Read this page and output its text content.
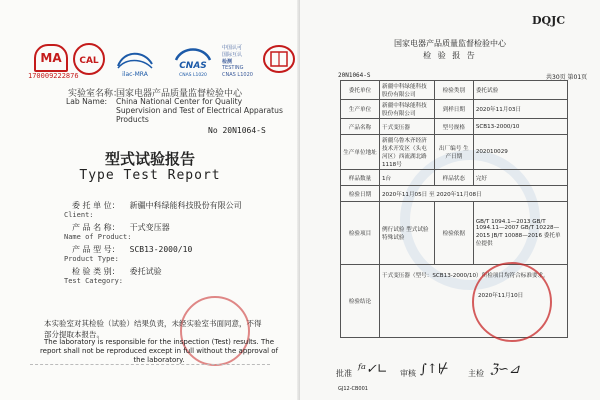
MA
170009222876
CAL
ilac-MRA
CNAS
CNAS L1020
中国认可
国际互认
检测
TESTING
CNAS L1020
实验室名称：
国家电器产品质量监督检验中心
Lab Name: China National Center for Quality Supervision and Test of Electrical Apparatus Products
No 20N1064-S
型式试验报告
Type Test Report
委 托 单 位： 新疆中科绿能科技股份有限公司
Client:
产 品 名 称： 干式变压器
Name of Product:
产 品 型 号： SCB13-2000/10
Product Type:
检 验 类 别： 委托试验
Test Category:
本实验室对其检验（试验）结果负责，未经实验室书面同意，不得部分提取本报告。
The laboratory is responsible for the inspection (Test) results. The report shall not be reproduced except in full without the approval of the laboratory.
DQJC
国家电器产品质量监督检验中心
检 验 报 告
20N1064-S	共30页 第01页
委托单位	新疆中科绿能科技股份有限公司	检验类别	委托试验
生产单位	新疆中科绿能科技股份有限公司	到样日期	2020年11月03日
产品名称	干式变压器	型号规格	SCB13-2000/10
生产单位地址	新疆乌鲁木齐经济技术开发区（头屯河区）西流湖北路1118号	出厂编号 生产日期	202010029
样品数量	1台	样品状态	完好
检验日期	2020年11月05日 至 2020年11月08日		
检验项目	例行试验 型式试验 特殊试验	检验依据	GB/T 1094.1—2013 GB/T 1094.11—2007 GB/T 10228—2015 JB/T 10088—2016 委托单位提供
检验结论	干式变压器（型号：SCB13-2000/10）所检项目均符合标准要求。

2020年11月10日		
批准 ᶠᵃ✓∟ 审核 ∫↑⊬ 主检 ℨ∽⊿
GJ12-CB001
